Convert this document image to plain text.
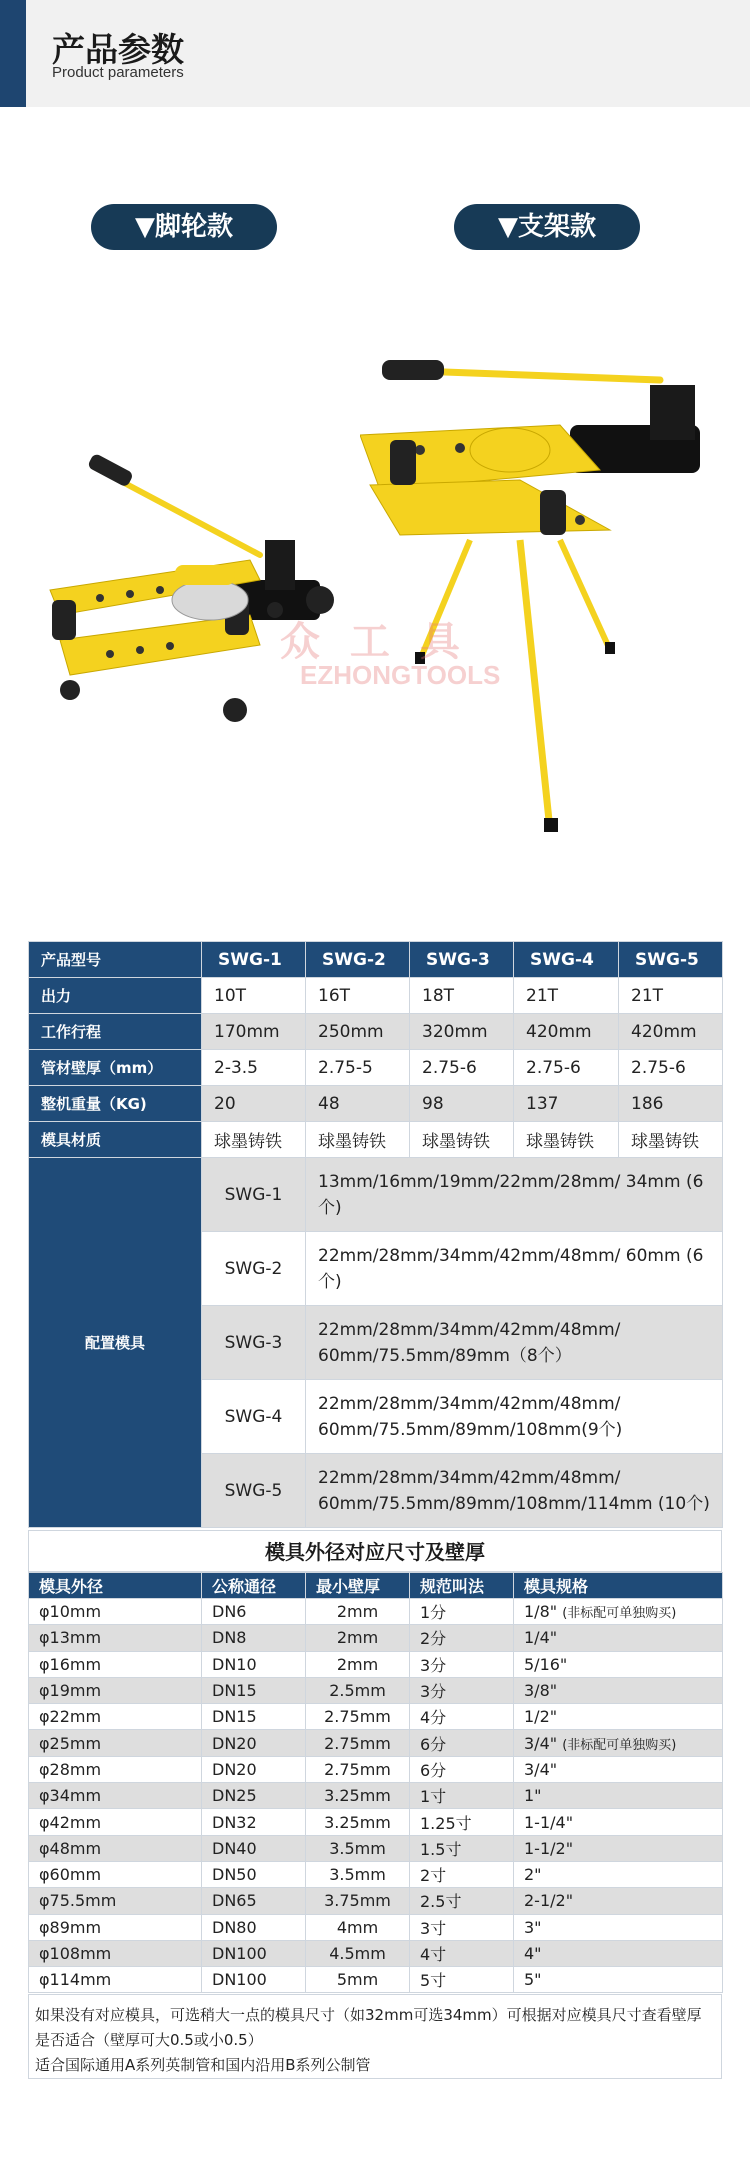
产品参数
Product parameters
▼脚轮款	▼支架款
众 工 具
EZHONGTOOLS
产品型号	SWG-1	SWG-2	SWG-3	SWG-4	SWG-5
出力	10T	16T	18T	21T	21T
工作行程	170mm	250mm	320mm	420mm	420mm
管材壁厚（mm）	2-3.5	2.75-5	2.75-6	2.75-6	2.75-6
整机重量（KG)	20	48	98	137	186
模具材质	球墨铸铁	球墨铸铁	球墨铸铁	球墨铸铁	球墨铸铁
配置模具	SWG-1	13mm/16mm/19mm/22mm/28mm/ 34mm (6个)			
	SWG-2	22mm/28mm/34mm/42mm/48mm/ 60mm (6个)			
	SWG-3	22mm/28mm/34mm/42mm/48mm/ 60mm/75.5mm/89mm（8个）			
	SWG-4	22mm/28mm/34mm/42mm/48mm/ 60mm/75.5mm/89mm/108mm(9个)			
	SWG-5	22mm/28mm/34mm/42mm/48mm/ 60mm/75.5mm/89mm/108mm/114mm (10个)			
模具外径对应尺寸及壁厚
模具外径	公称通径	最小壁厚	规范叫法	模具规格
φ10mm	DN6	2mm	1分	1/8" (非标配可单独购买)
φ13mm	DN8	2mm	2分	1/4"
φ16mm	DN10	2mm	3分	5/16"
φ19mm	DN15	2.5mm	3分	3/8"
φ22mm	DN15	2.75mm	4分	1/2"
φ25mm	DN20	2.75mm	6分	3/4" (非标配可单独购买)
φ28mm	DN20	2.75mm	6分	3/4"
φ34mm	DN25	3.25mm	1寸	1"
φ42mm	DN32	3.25mm	1.25寸	1-1/4"
φ48mm	DN40	3.5mm	1.5寸	1-1/2"
φ60mm	DN50	3.5mm	2寸	2"
φ75.5mm	DN65	3.75mm	2.5寸	2-1/2"
φ89mm	DN80	4mm	3寸	3"
φ108mm	DN100	4.5mm	4寸	4"
φ114mm	DN100	5mm	5寸	5"
如果没有对应模具，可选稍大一点的模具尺寸（如32mm可选34mm）可根据对应模具尺寸查看壁厚是否适合（壁厚可大0.5或小0.5）
适合国际通用A系列英制管和国内沿用B系列公制管
